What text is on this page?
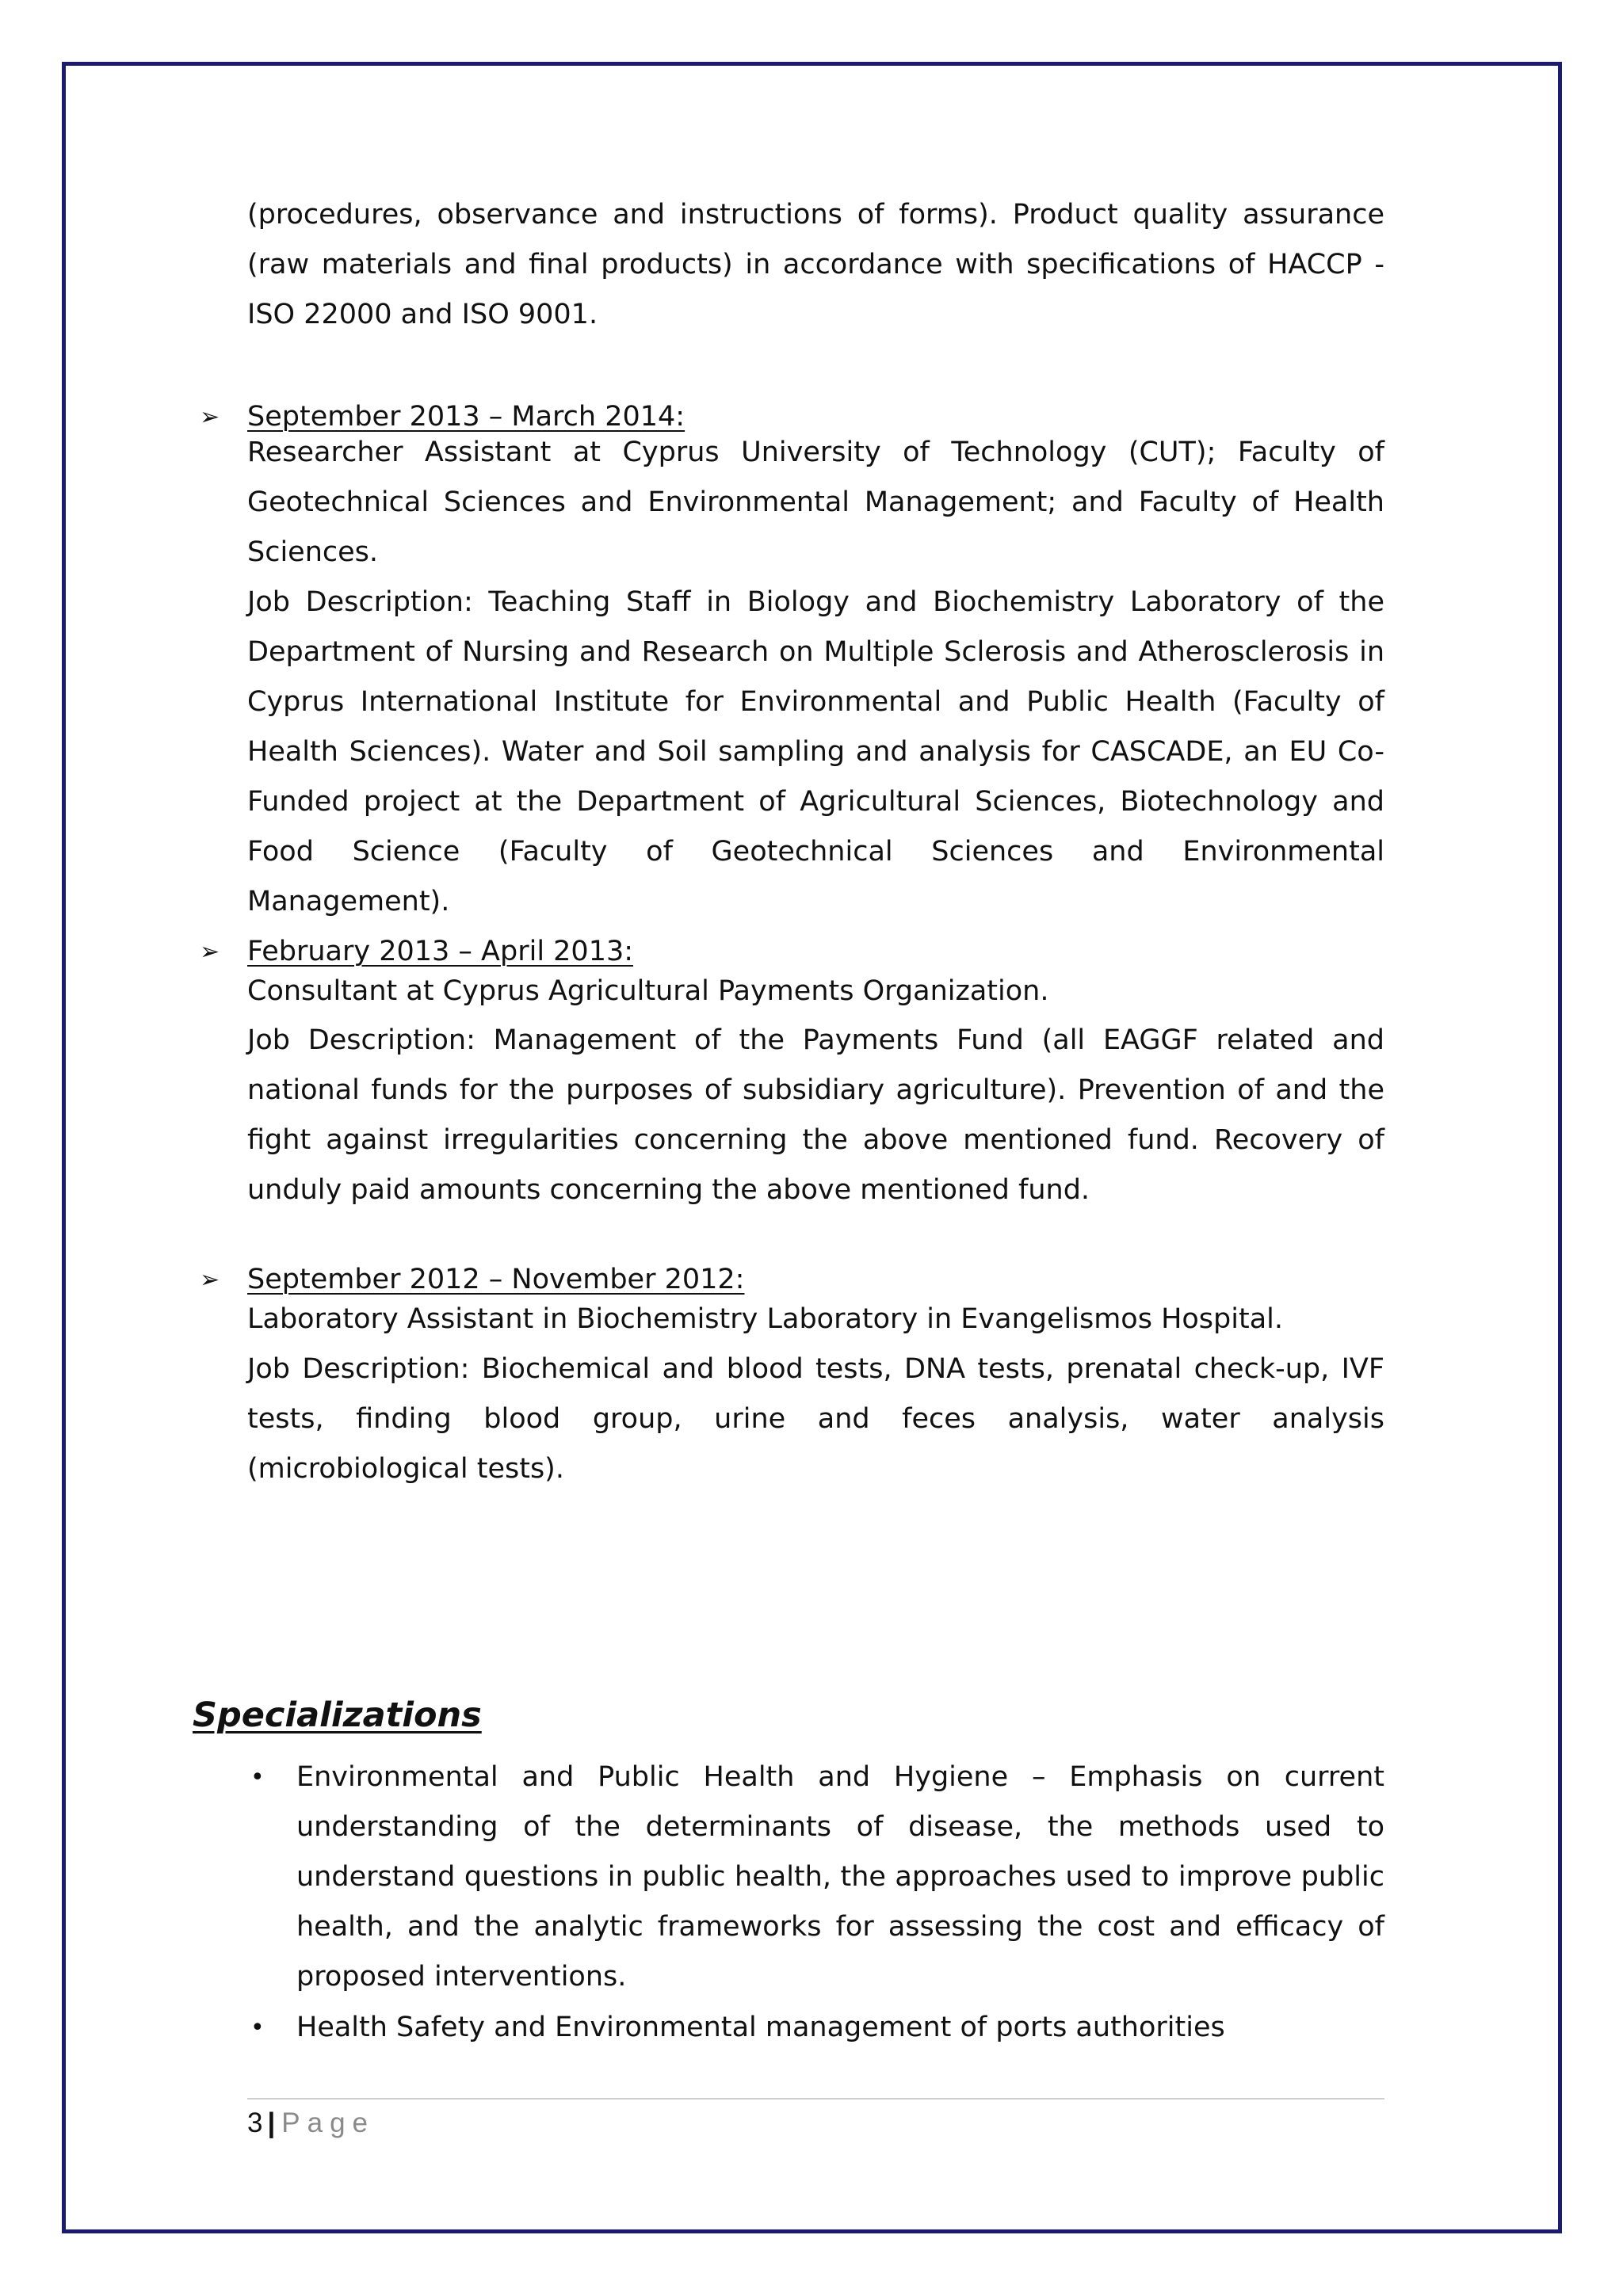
(procedures, observance and instructions of forms). Product quality assurance (raw materials and final products) in accordance with specifications of HACCP - ISO 22000 and ISO 9001.

➢ September 2013 – March 2014:

Researcher Assistant at Cyprus University of Technology (CUT); Faculty of Geotechnical Sciences and Environmental Management; and Faculty of Health Sciences.

Job Description: Teaching Staff in Biology and Biochemistry Laboratory of the Department of Nursing and Research on Multiple Sclerosis and Atherosclerosis in Cyprus International Institute for Environmental and Public Health (Faculty of Health Sciences). Water and Soil sampling and analysis for CASCADE, an EU Co-Funded project at the Department of Agricultural Sciences, Biotechnology and Food Science (Faculty of Geotechnical Sciences and Environmental Management).

➢ February 2013 – April 2013:

Consultant at Cyprus Agricultural Payments Organization.

Job Description: Management of the Payments Fund (all EAGGF related and national funds for the purposes of subsidiary agriculture). Prevention of and the fight against irregularities concerning the above mentioned fund. Recovery of unduly paid amounts concerning the above mentioned fund.

➢ September 2012 – November 2012:

Laboratory Assistant in Biochemistry Laboratory in Evangelismos Hospital.

Job Description: Biochemical and blood tests, DNA tests, prenatal check-up, IVF tests, finding blood group, urine and feces analysis, water analysis (microbiological tests).

Specializations
• Environmental and Public Health and Hygiene – Emphasis on current understanding of the determinants of disease, the methods used to understand questions in public health, the approaches used to improve public health, and the analytic frameworks for assessing the cost and efficacy of proposed interventions.

• Health Safety and Environmental management of ports authorities

3 | Page
